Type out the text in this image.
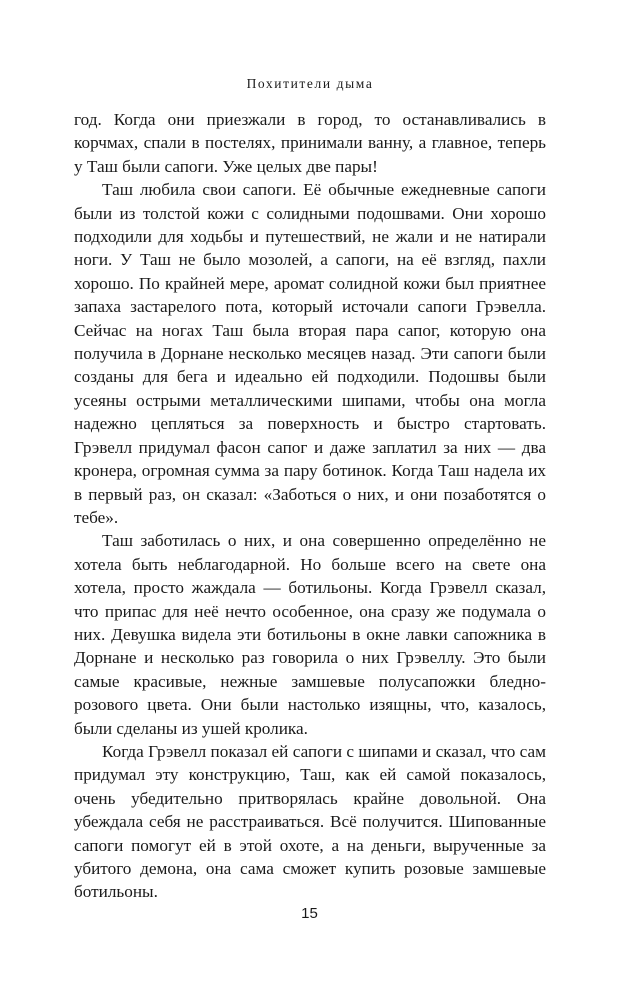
Похитители дыма

год. Когда они приезжали в город, то останавливались в корчмах, спали в постелях, принимали ванну, а главное, теперь у Таш были сапоги. Уже целых две пары!

Таш любила свои сапоги. Её обычные ежедневные сапоги были из толстой кожи с солидными подошвами. Они хорошо подходили для ходьбы и путешествий, не жали и не натирали ноги. У Таш не было мозолей, а сапоги, на её взгляд, пахли хорошо. По крайней мере, аромат солидной кожи был приятнее запаха застарелого пота, который источали сапоги Грэвелла. Сейчас на ногах Таш была вторая пара сапог, которую она получила в Дорнане несколько месяцев назад. Эти сапоги были созданы для бега и идеально ей подходили. Подошвы были усеяны острыми металлическими шипами, чтобы она могла надежно цепляться за поверхность и быстро стартовать. Грэвелл придумал фасон сапог и даже заплатил за них — два кронера, огромная сумма за пару ботинок. Когда Таш надела их в первый раз, он сказал: «Заботься о них, и они позаботятся о тебе».

Таш заботилась о них, и она совершенно определённо не хотела быть неблагодарной. Но больше всего на свете она хотела, просто жаждала — ботильоны. Когда Грэвелл сказал, что припас для неё нечто особенное, она сразу же подумала о них. Девушка видела эти ботильоны в окне лавки сапожника в Дорнане и несколько раз говорила о них Грэвеллу. Это были самые красивые, нежные замшевые полусапожки бледно-розового цвета. Они были настолько изящны, что, казалось, были сделаны из ушей кролика.

Когда Грэвелл показал ей сапоги с шипами и сказал, что сам придумал эту конструкцию, Таш, как ей самой показалось, очень убедительно притворялась крайне довольной. Она убеждала себя не расстраиваться. Всё получится. Шипованные сапоги помогут ей в этой охоте, а на деньги, вырученные за убитого демона, она сама сможет купить розовые замшевые ботильоны.

15
